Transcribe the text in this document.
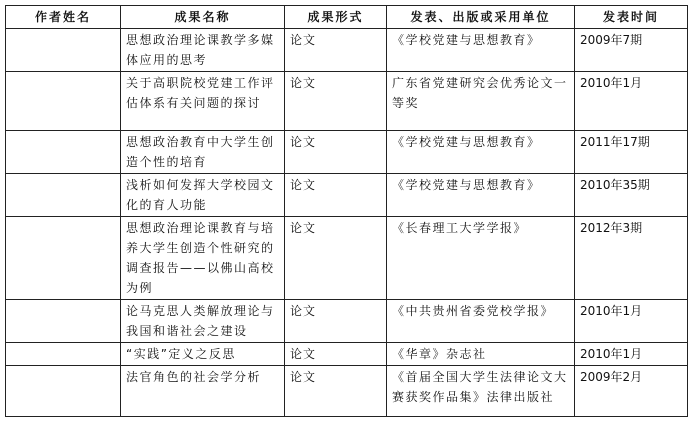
作者姓名	成果名称	成果形式	发表、出版或采用单位	发表时间
	思想政治理论课教学多媒体应用的思考	论文	《学校党建与思想教育》	2009年7期
	关于高职院校党建工作评估体系有关问题的探讨	论文	广东省党建研究会优秀论文一等奖	2010年1月
	思想政治教育中大学生创造个性的培育	论文	《学校党建与思想教育》	2011年17期
	浅析如何发挥大学校园文化的育人功能	论文	《学校党建与思想教育》	2010年35期
	思想政治理论课教育与培养大学生创造个性研究的调查报告——以佛山高校为例	论文	《长春理工大学学报》	2012年3期
	论马克思人类解放理论与我国和谐社会之建设	论文	《中共贵州省委党校学报》	2010年1月
	“实践”定义之反思	论文	《华章》杂志社	2010年1月
	法官角色的社会学分析	论文	《首届全国大学生法律论文大赛获奖作品集》法律出版社	2009年2月
